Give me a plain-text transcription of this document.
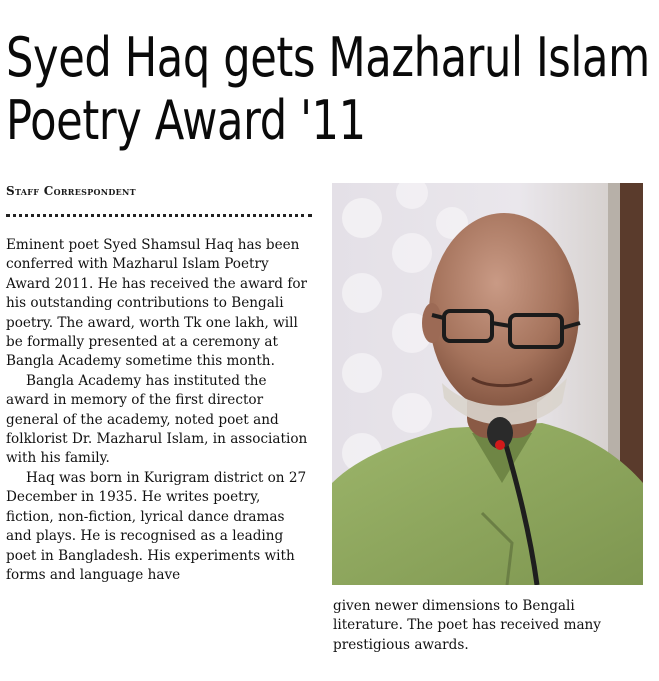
Syed Haq gets Mazharul Islam
Poetry Award '11
Staff Correspondent

Eminent poet Syed Shamsul Haq has been conferred with Mazharul Islam Poetry Award 2011. He has received the award for his outstanding contributions to Bengali poetry. The award, worth Tk one lakh, will be formally presented at a ceremony at Bangla Academy sometime this month.

Bangla Academy has instituted the award in memory of the first director general of the academy, noted poet and folklorist Dr. Mazharul Islam, in association with his family.

Haq was born in Kurigram district on 27 December in 1935. He writes poetry, fiction, non-fiction, lyrical dance dramas and plays. He is recognised as a leading poet in Bangladesh. His experiments with forms and language have

given newer dimensions to Bengali literature. The poet has received many prestigious awards.
